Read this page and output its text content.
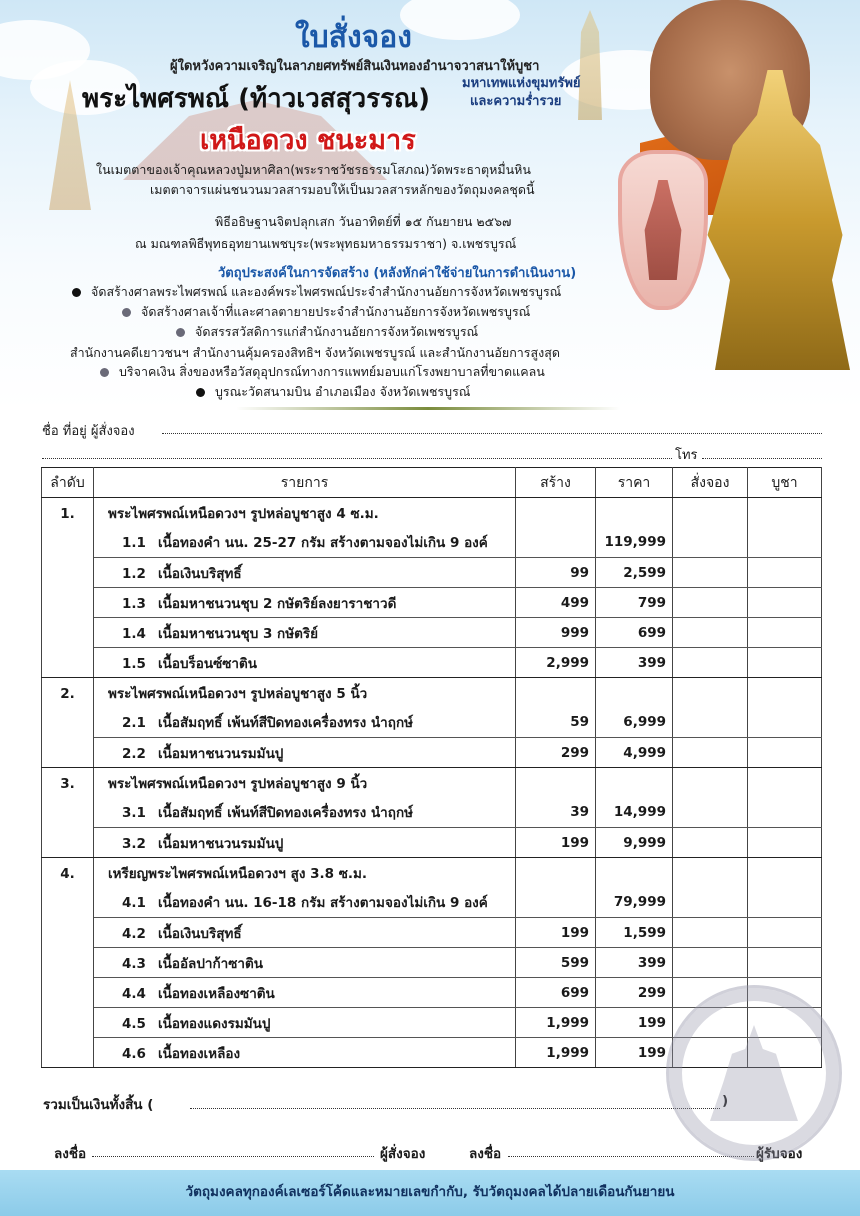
ใบสั่งจอง
ผู้ใดหวังความเจริญในลาภยศทรัพย์สินเงินทองอำนาจวาสนาให้บูชา
พระไพศรพณ์ (ท้าวเวสสุวรรณ)
มหาเทพแห่งขุมทรัพย์
และความร่ำรวย
เหนือดวง ชนะมาร
ในเมตตาของเจ้าคุณหลวงปู่มหาศิลา(พระราชวัชรธรรมโสภณ)วัดพระธาตุหมื่นหิน
เมตตาจารแผ่นชนวนมวลสารมอบให้เป็นมวลสารหลักของวัตถุมงคลชุดนี้
พิธีอธิษฐานจิตปลุกเสก วันอาทิตย์ที่ ๑๕ กันยายน ๒๕๖๗
ณ มณฑลพิธีพุทธอุทยานเพชบุระ(พระพุทธมหาธรรมราชา) จ.เพชรบูรณ์
วัตถุประสงค์ในการจัดสร้าง (หลังหักค่าใช้จ่ายในการดำเนินงาน)
จัดสร้างศาลพระไพศรพณ์ และองค์พระไพศรพณ์ประจำสำนักงานอัยการจังหวัดเพชรบูรณ์
จัดสร้างศาลเจ้าที่และศาลตายายประจำสำนักงานอัยการจังหวัดเพชรบูรณ์
จัดสรรสวัสดิการแก่สำนักงานอัยการจังหวัดเพชรบูรณ์
สำนักงานคดีเยาวชนฯ สำนักงานคุ้มครองสิทธิฯ จังหวัดเพชรบูรณ์ และสำนักงานอัยการสูงสุด
บริจาคเงิน สิ่งของหรือวัสดุอุปกรณ์ทางการแพทย์มอบแก่โรงพยาบาลที่ขาดแคลน
บูรณะวัดสนามบิน อำเภอเมือง จังหวัดเพชรบูรณ์
ชื่อ ที่อยู่ ผู้สั่งจอง
โทร
ลำดับ	รายการ	สร้าง	ราคา	สั่งจอง	บูชา
1.	พระไพศรพณ์เหนือดวงฯ รูปหล่อบูชาสูง 4 ซ.ม.				
	1.1 เนื้อทองคำ นน. 25-27 กรัม สร้างตามจองไม่เกิน 9 องค์		119,999		
	1.2 เนื้อเงินบริสุทธิ์	99	2,599		
	1.3 เนื้อมหาชนวนชุบ 2 กษัตริย์ลงยาราชาวดี	499	799		
	1.4 เนื้อมหาชนวนชุบ 3 กษัตริย์	999	699		
	1.5 เนื้อบร็อนซ์ซาติน	2,999	399		
2.	พระไพศรพณ์เหนือดวงฯ รูปหล่อบูชาสูง 5 นิ้ว				
	2.1 เนื้อสัมฤทธิ์ เพ้นท์สีปิดทองเครื่องทรง นำฤกษ์	59	6,999		
	2.2 เนื้อมหาชนวนรมมันปู	299	4,999		
3.	พระไพศรพณ์เหนือดวงฯ รูปหล่อบูชาสูง 9 นิ้ว				
	3.1 เนื้อสัมฤทธิ์ เพ้นท์สีปิดทองเครื่องทรง นำฤกษ์	39	14,999		
	3.2 เนื้อมหาชนวนรมมันปู	199	9,999		
4.	เหรียญพระไพศรพณ์เหนือดวงฯ สูง 3.8 ซ.ม.				
	4.1 เนื้อทองคำ นน. 16-18 กรัม สร้างตามจองไม่เกิน 9 องค์		79,999		
	4.2 เนื้อเงินบริสุทธิ์	199	1,599		
	4.3 เนื้ออัลปาก้าซาติน	599	399		
	4.4 เนื้อทองเหลืองซาติน	699	299		
	4.5 เนื้อทองแดงรมมันปู	1,999	199		
	4.6 เนื้อทองเหลือง	1,999	199		
รวมเป็นเงินทั้งสิ้น (	)
ลงชื่อ	ผู้สั่งจอง	ลงชื่อ	ผู้รับจอง
วัตถุมงคลทุกองค์เลเซอร์โค้ดและหมายเลขกำกับ, รับวัตถุมงคลได้ปลายเดือนกันยายน
